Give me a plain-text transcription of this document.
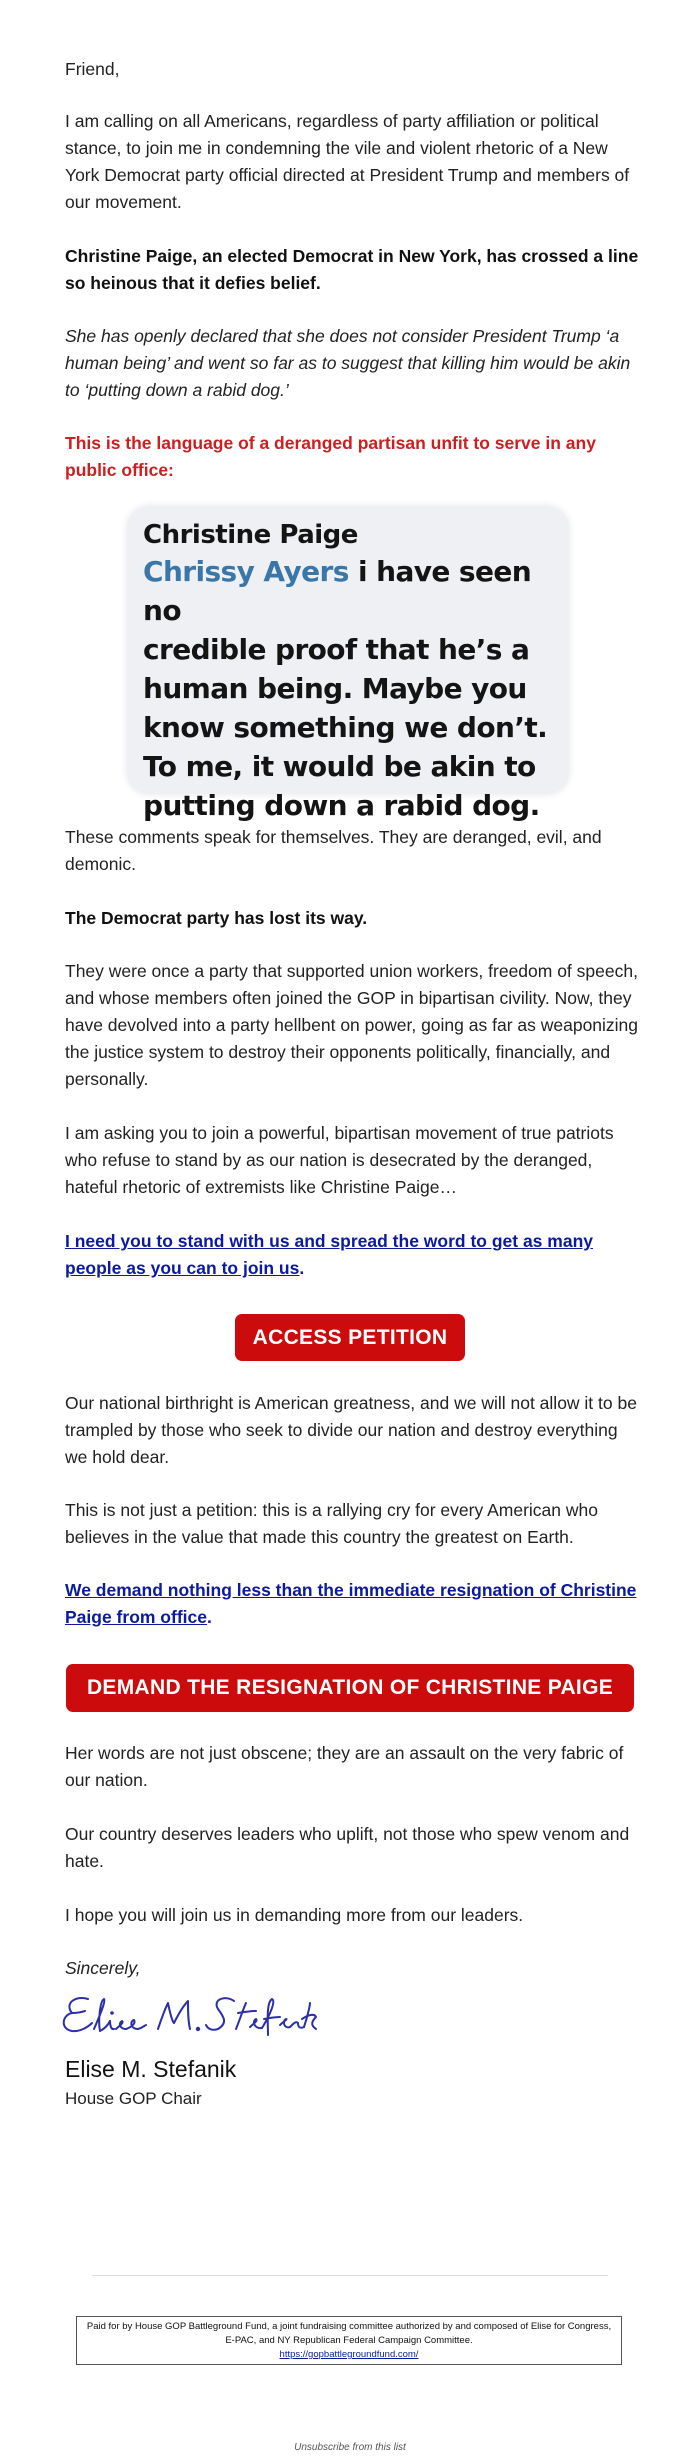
Friend,

I am calling on all Americans, regardless of party affiliation or political stance, to join me in condemning the vile and violent rhetoric of a New York Democrat party official directed at President Trump and members of our movement.

Christine Paige, an elected Democrat in New York, has crossed a line so heinous that it defies belief.

She has openly declared that she does not consider President Trump ‘a human being’ and went so far as to suggest that killing him would be akin to ‘putting down a rabid dog.’

This is the language of a deranged partisan unfit to serve in any public office:

Christine Paige
Chrissy Ayers i have seen no
credible proof that he’s a
human being. Maybe you
know something we don’t.
To me, it would be akin to
putting down a rabid dog.

These comments speak for themselves. They are deranged, evil, and demonic.

The Democrat party has lost its way.

They were once a party that supported union workers, freedom of speech, and whose members often joined the GOP in bipartisan civility. Now, they have devolved into a party hellbent on power, going as far as weaponizing the justice system to destroy their opponents politically, financially, and personally.

I am asking you to join a powerful, bipartisan movement of true patriots who refuse to stand by as our nation is desecrated by the deranged, hateful rhetoric of extremists like Christine Paige…

I need you to stand with us and spread the word to get as many people as you can to join us.

ACCESS PETITION

Our national birthright is American greatness, and we will not allow it to be trampled by those who seek to divide our nation and destroy everything we hold dear.

This is not just a petition: this is a rallying cry for every American who believes in the value that made this country the greatest on Earth.

We demand nothing less than the immediate resignation of Christine Paige from office.

DEMAND THE RESIGNATION OF CHRISTINE PAIGE

Her words are not just obscene; they are an assault on the very fabric of our nation.

Our country deserves leaders who uplift, not those who spew venom and hate.

I hope you will join us in demanding more from our leaders.

Sincerely,

Elise M. Stefanik
House GOP Chair
Paid for by House GOP Battleground Fund, a joint fundraising committee authorized by and composed of Elise for Congress, E-PAC, and NY Republican Federal Campaign Committee.
https://gopbattlegroundfund.com/
Unsubscribe from this list
